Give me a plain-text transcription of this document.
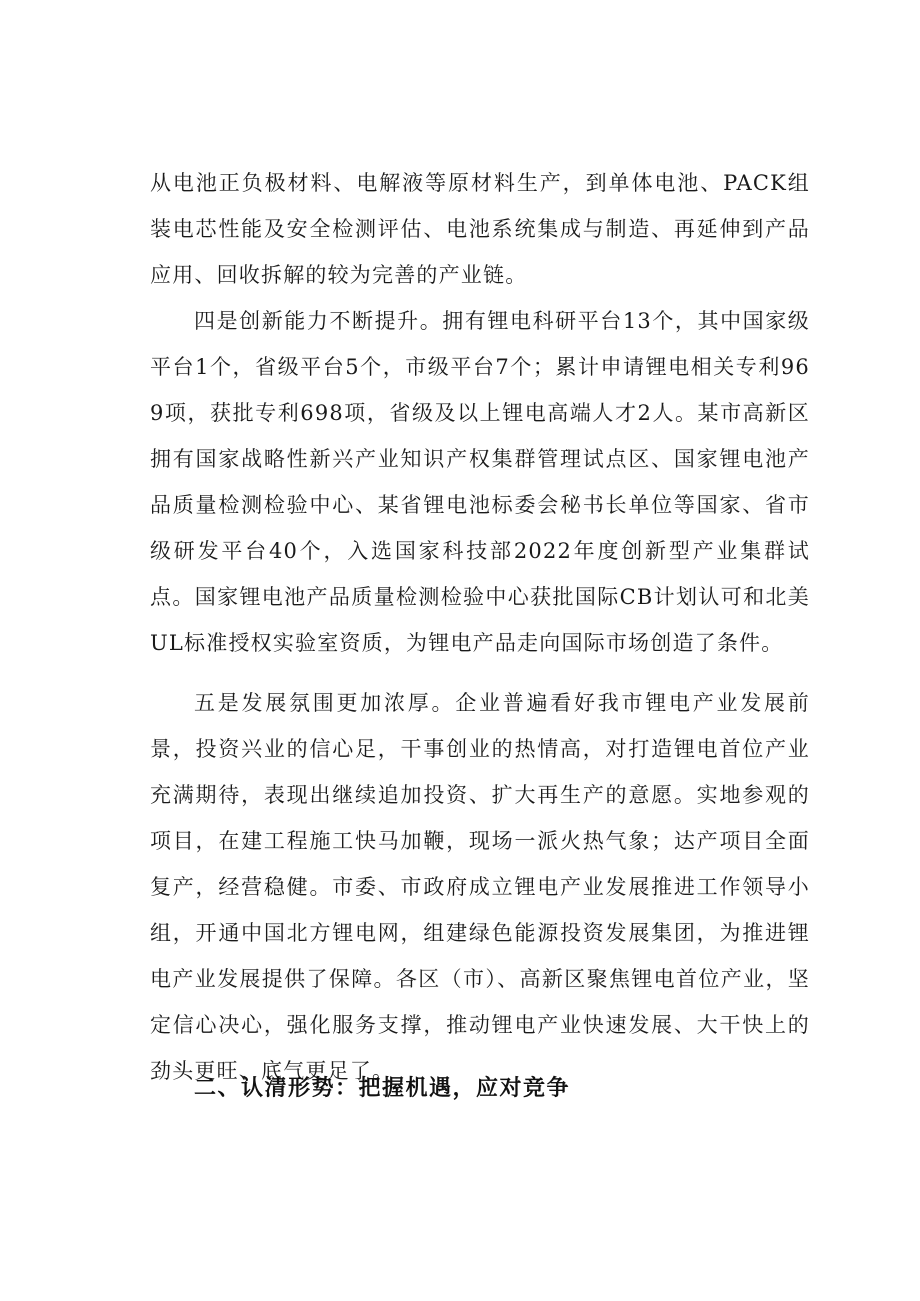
从电池正负极材料、电解液等原材料生产，到单体电池、PACK组装电芯性能及安全检测评估、电池系统集成与制造、再延伸到产品应用、回收拆解的较为完善的产业链。

四是创新能力不断提升。拥有锂电科研平台13个，其中国家级平台1个，省级平台5个，市级平台7个；累计申请锂电相关专利969项，获批专利698项，省级及以上锂电高端人才2人。某市高新区拥有国家战略性新兴产业知识产权集群管理试点区、国家锂电池产品质量检测检验中心、某省锂电池标委会秘书长单位等国家、省市级研发平台40个，入选国家科技部2022年度创新型产业集群试点。国家锂电池产品质量检测检验中心获批国际CB计划认可和北美UL标准授权实验室资质，为锂电产品走向国际市场创造了条件。

五是发展氛围更加浓厚。企业普遍看好我市锂电产业发展前景，投资兴业的信心足，干事创业的热情高，对打造锂电首位产业充满期待，表现出继续追加投资、扩大再生产的意愿。实地参观的项目，在建工程施工快马加鞭，现场一派火热气象；达产项目全面复产，经营稳健。市委、市政府成立锂电产业发展推进工作领导小组，开通中国北方锂电网，组建绿色能源投资发展集团，为推进锂电产业发展提供了保障。各区（市）、高新区聚焦锂电首位产业，坚定信心决心，强化服务支撑，推动锂电产业快速发展、大干快上的劲头更旺、底气更足了。

二、认清形势：把握机遇，应对竞争
